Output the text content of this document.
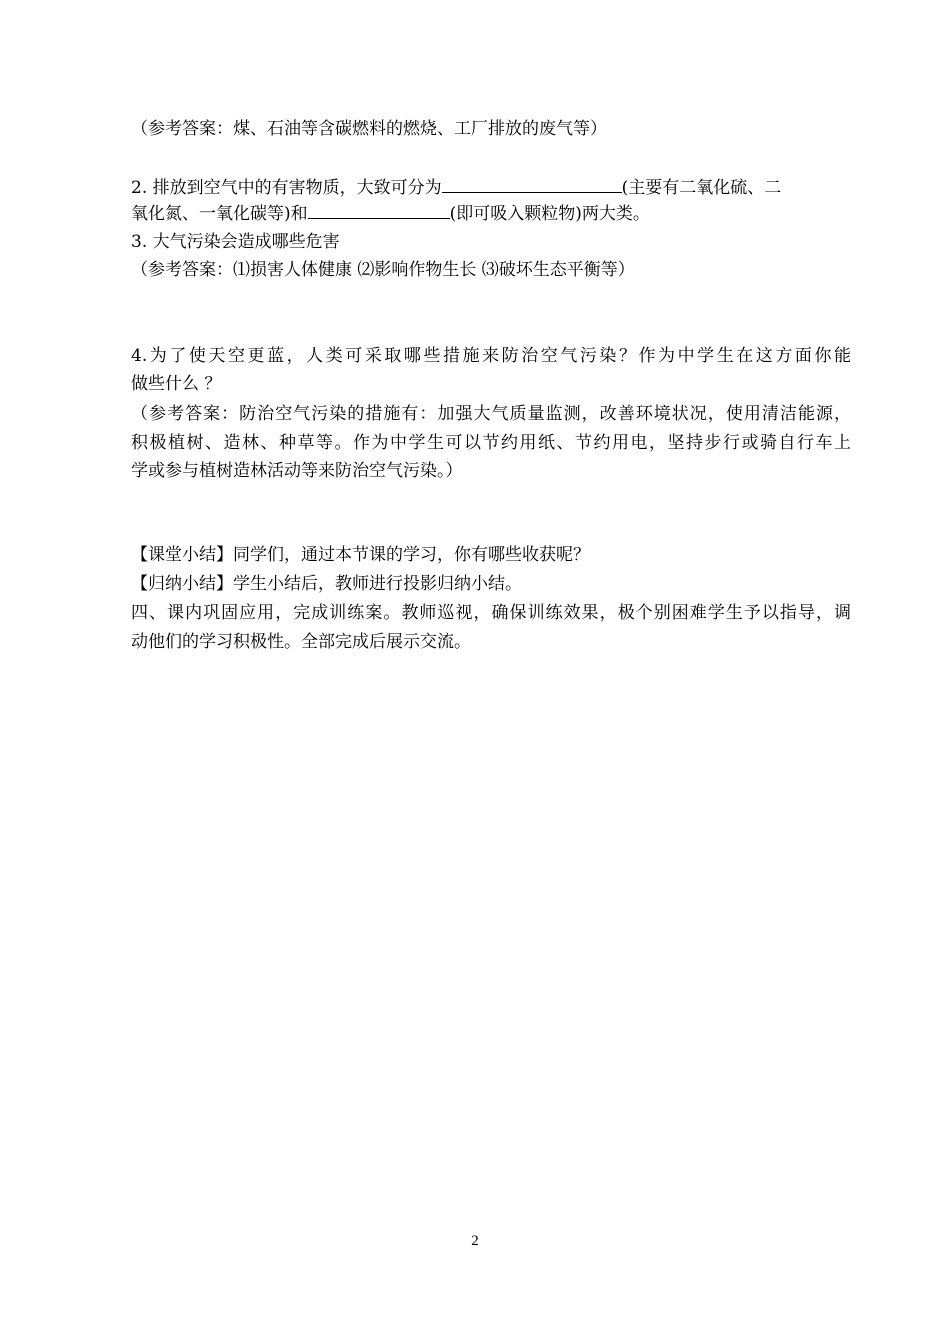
（参考答案：煤、石油等含碳燃料的燃烧、工厂排放的废气等）
2. 排放到空气中的有害物质，大致可分为	(主要有二氧化硫、二
氧化氮、一氧化碳等)和	(即可吸入颗粒物)两大类。
3. 大气污染会造成哪些危害
（参考答案：⑴损害人体健康 ⑵影响作物生长 ⑶破坏生态平衡等）
4.为了使天空更蓝，人类可采取哪些措施来防治空气污染？作为中学生在这方面你能
做些什么 ？
（参考答案：防治空气污染的措施有：加强大气质量监测，改善环境状况，使用清洁能源，
积极植树、造林、种草等。作为中学生可以节约用纸、节约用电，坚持步行或骑自行车上
学或参与植树造林活动等来防治空气污染。）
【课堂小结】同学们，通过本节课的学习，你有哪些收获呢？
【归纳小结】学生小结后，教师进行投影归纳小结。
四、课内巩固应用，完成训练案。教师巡视，确保训练效果，极个别困难学生予以指导，调
动他们的学习积极性。全部完成后展示交流。
2
